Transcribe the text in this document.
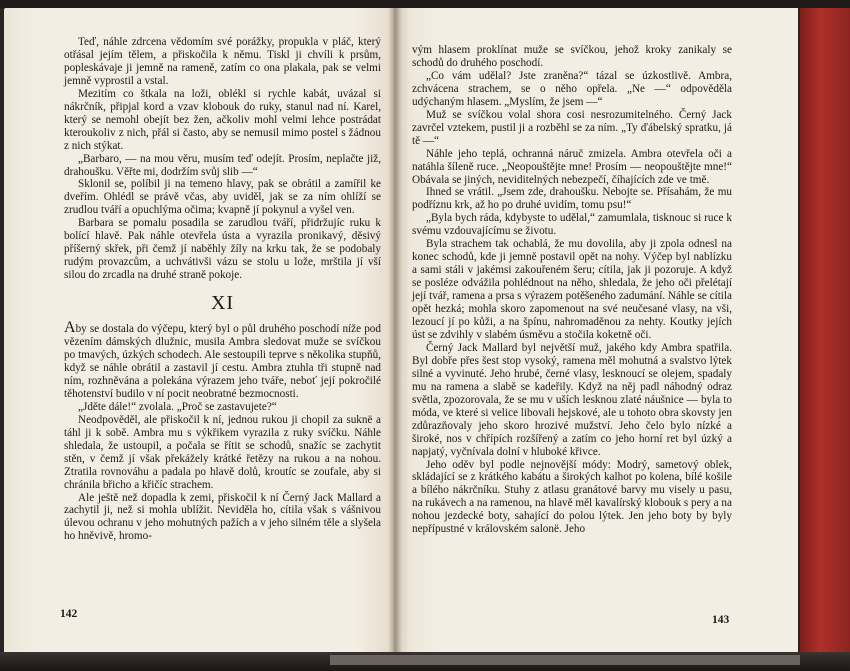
Teď, náhle zdrcena vědomím své porážky, propukla v pláč, který otřásal jejím tělem, a přiskočila k němu. Tiskl ji chvíli k prsům, popleskávaje ji jemně na rameně, zatím co ona plakala, pak se velmi jemně vyprostil a vstal.

Mezitím co štkala na loži, oblékl si rychle kabát, uvázal si nákrčník, připjal kord a vzav klobouk do ruky, stanul nad ní. Karel, který se nemohl obejít bez žen, ačkoliv mohl velmi lehce postrádat kteroukoliv z nich, přál si často, aby se nemusil mimo postel s žádnou z nich stýkat.

„Barbaro, — na mou věru, musím teď odejít. Prosím, neplačte již, drahoušku. Věřte mi, dodržím svůj slib —“

Sklonil se, políbil ji na temeno hlavy, pak se obrátil a zamířil ke dveřím. Ohlédl se právě včas, aby uviděl, jak se za ním ohlíží se zrudlou tváří a opuchlýma očima; kvapně jí pokynul a vyšel ven.

Barbara se pomalu posadila se zarudlou tváří, přidržujíc ruku k bolící hlavě. Pak náhle otevřela ústa a vyrazila pronikavý, děsivý příšerný skřek, při čemž jí naběhly žíly na krku tak, že se podobaly rudým provazcům, a uchvátivši vázu se stolu u lože, mrštila jí vší silou do zrcadla na druhé straně pokoje.

XI

Aby se dostala do výčepu, který byl o půl druhého poschodí níže pod vězením dámských dlužnic, musila Ambra sledovat muže se svíčkou po tmavých, úzkých schodech. Ale sestoupili teprve s několika stupňů, když se náhle obrátil a zastavil jí cestu. Ambra ztuhla tři stupně nad ním, rozhněvána a polekána výrazem jeho tváře, neboť její pokročilé těhotenství budilo v ní pocit neobratné bezmocnosti.

„Jděte dále!“ zvolala. „Proč se zastavujete?“

Neodpověděl, ale přiskočil k ní, jednou rukou ji chopil za suknë a táhl ji k sobě. Ambra mu s výkřikem vyrazila z ruky svíčku. Náhle shledala, že ustoupil, a počala se řítit se schodů, snažíc se zachytit stěn, v čemž jí však překážely krátké řetězy na rukou a na nohou. Ztratila rovnováhu a padala po hlavě dolů, kroutíc se zoufale, aby si chránila břicho a křičíc strachem.

Ale ještě než dopadla k zemi, přiskočil k ní Černý Jack Mallard a zachytil ji, než si mohla ublížit. Neviděla ho, cítila však s vášnivou úlevou ochranu v jeho mohutných pažích a v jeho silném těle a slyšela ho hněvivě, hromo-

142

vým hlasem proklínat muže se svíčkou, jehož kroky zanikaly se schodů do druhého poschodí.

„Co vám udělal? Jste zraněna?“ tázal se úzkostlivě. Ambra, zchvácena strachem, se o něho opřela. „Ne —“ odpověděla udýchaným hlasem. „Myslím, že jsem —“

Muž se svíčkou volal shora cosi nesrozumitelného. Černý Jack zavrčel vztekem, pustil ji a rozběhl se za ním. „Ty ďábelský spratku, já tě —“

Náhle jeho teplá, ochranná náruč zmizela. Ambra otevřela oči a natáhla šíleně ruce. „Neopouštějte mne! Prosím — neopouštějte mne!“ Obávala se jiných, neviditelných nebezpečí, číhajících zde ve tmě.

Ihned se vrátil. „Jsem zde, drahoušku. Nebojte se. Přísahám, že mu podříznu krk, až ho po druhé uvidím, tomu psu!“

„Byla bych ráda, kdybyste to udělal,“ zamumlala, tisknouc si ruce k svému vzdouvajícímu se životu.

Byla strachem tak ochablá, že mu dovolila, aby ji zpola odnesl na konec schodů, kde ji jemně postavil opět na nohy. Výčep byl nablízku a sami stáli v jakémsi zakouřeném šeru; cítila, jak ji pozoruje. A když se posléze odvážila pohlédnout na něho, shledala, že jeho oči přelétají její tvář, ramena a prsa s výrazem potěšeného zadumání. Náhle se cítila opět hezká; mohla skoro zapomenout na své neučesané vlasy, na vši, lezoucí jí po kůži, a na špínu, nahromaděnou za nehty. Koutky jejích úst se zdvihly v slabém úsměvu a stočila koketně oči.

Černý Jack Mallard byl největší muž, jakého kdy Ambra spatřila. Byl dobře přes šest stop vysoký, ramena měl mohutná a svalstvo lýtek silné a vyvinuté. Jeho hrubé, černé vlasy, lesknoucí se olejem, spadaly mu na ramena a slabě se kadeřily. Když na něj padl náhodný odraz světla, zpozorovala, že se mu v uších lesknou zlaté náušnice — byla to móda, ve které si velice libovali hejskové, ale u tohoto obra skovsty jen zdůrazňovaly jeho skoro hrozivé mužství. Jeho čelo bylo nízké a široké, nos v chřípích rozšířený a zatím co jeho horní ret byl úzký a napjatý, vyčnívala dolní v hluboké křivce.

Jeho oděv byl podle nejnovější módy: Modrý, sametový oblek, skládající se z krátkého kabátu a širokých kalhot po kolena, bílé košile a bílého nákrčníku. Stuhy z atlasu granátové barvy mu visely u pasu, na rukávech a na ramenou, na hlavě měl kavalírský klobouk s pery a na nohou jezdecké boty, sahající do polou lýtek. Jen jeho boty by byly nepřípustné v královském salonë. Jeho

143
